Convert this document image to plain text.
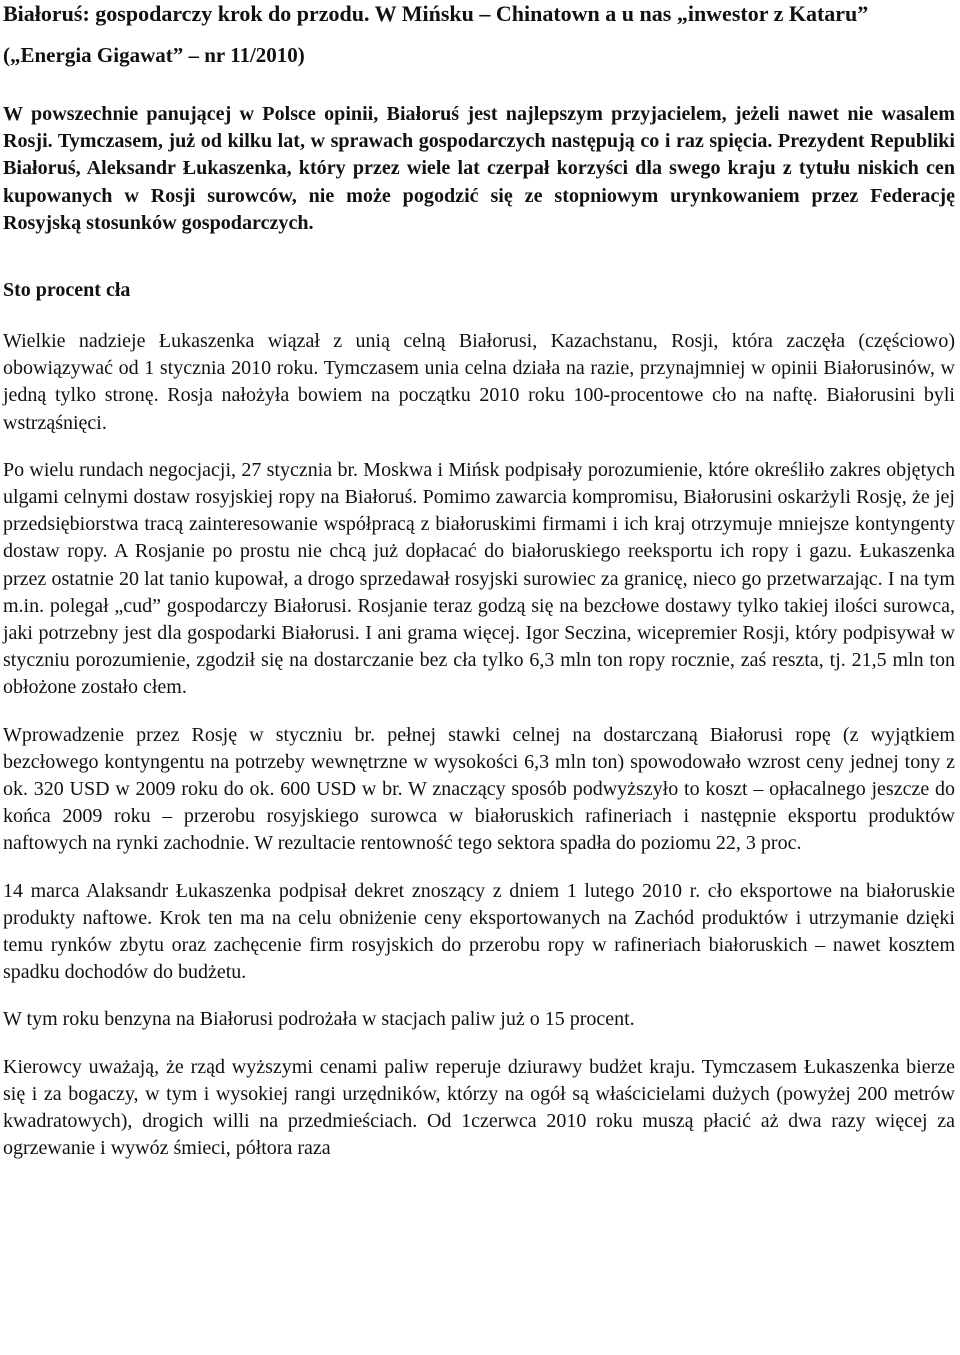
Białoruś: gospodarczy krok do przodu. W Mińsku – Chinatown a u nas „inwestor z Kataru”

(„Energia Gigawat” – nr 11/2010)

W powszechnie panującej w Polsce opinii, Białoruś jest najlepszym przyjacielem, jeżeli nawet nie wasalem Rosji. Tymczasem, już od kilku lat, w sprawach gospodarczych następują co i raz spięcia. Prezydent Republiki Białoruś, Aleksandr Łukaszenka, który przez wiele lat czerpał korzyści dla swego kraju z tytułu niskich cen kupowanych w Rosji surowców, nie może pogodzić się ze stopniowym urynkowaniem przez Federację Rosyjską stosunków gospodarczych.

Sto procent cła

Wielkie nadzieje Łukaszenka wiązał z unią celną Białorusi, Kazachstanu, Rosji, która zaczęła (częściowo) obowiązywać od 1 stycznia 2010 roku. Tymczasem unia celna działa na razie, przynajmniej w opinii Białorusinów, w jedną tylko stronę. Rosja nałożyła bowiem na początku 2010 roku 100-procentowe cło na naftę. Białorusini byli wstrząśnięci.

Po wielu rundach negocjacji, 27 stycznia br. Moskwa i Mińsk podpisały porozumienie, które określiło zakres objętych ulgami celnymi dostaw rosyjskiej ropy na Białoruś. Pomimo zawarcia kompromisu, Białorusini oskarżyli Rosję, że jej przedsiębiorstwa tracą zainteresowanie współpracą z białoruskimi firmami i ich kraj otrzymuje mniejsze kontyngenty dostaw ropy. A Rosjanie po prostu nie chcą już dopłacać do białoruskiego reeksportu ich ropy i gazu. Łukaszenka przez ostatnie 20 lat tanio kupował, a drogo sprzedawał rosyjski surowiec za granicę, nieco go przetwarzając. I na tym m.in. polegał „cud” gospodarczy Białorusi. Rosjanie teraz godzą się na bezcłowe dostawy tylko takiej ilości surowca, jaki potrzebny jest dla gospodarki Białorusi. I ani grama więcej. Igor Seczina, wicepremier Rosji, który podpisywał w styczniu porozumienie, zgodził się na dostarczanie bez cła tylko 6,3 mln ton ropy rocznie, zaś reszta, tj. 21,5 mln ton obłożone zostało cłem.

Wprowadzenie przez Rosję w styczniu br. pełnej stawki celnej na dostarczaną Białorusi ropę (z wyjątkiem bezcłowego kontyngentu na potrzeby wewnętrzne w wysokości 6,3 mln ton) spowodowało wzrost ceny jednej tony z ok. 320 USD w 2009 roku do ok. 600 USD w br. W znaczący sposób podwyższyło to koszt – opłacalnego jeszcze do końca 2009 roku – przerobu rosyjskiego surowca w białoruskich rafineriach i następnie eksportu produktów naftowych na rynki zachodnie. W rezultacie rentowność tego sektora spadła do poziomu 22, 3 proc.

14 marca Alaksandr Łukaszenka podpisał dekret znoszący z dniem 1 lutego 2010 r. cło eksportowe na białoruskie produkty naftowe. Krok ten ma na celu obniżenie ceny eksportowanych na Zachód produktów i utrzymanie dzięki temu rynków zbytu oraz zachęcenie firm rosyjskich do przerobu ropy w rafineriach białoruskich – nawet kosztem spadku dochodów do budżetu.

W tym roku benzyna na Białorusi podrożała w stacjach paliw już o 15 procent.

Kierowcy uważają, że rząd wyższymi cenami paliw reperuje dziurawy budżet kraju. Tymczasem Łukaszenka bierze się i za bogaczy, w tym i wysokiej rangi urzędników, którzy na ogół są właścicielami dużych (powyżej 200 metrów kwadratowych), drogich willi na przedmieściach. Od 1czerwca 2010 roku muszą płacić aż dwa razy więcej za ogrzewanie i wywóz śmieci, półtora raza
